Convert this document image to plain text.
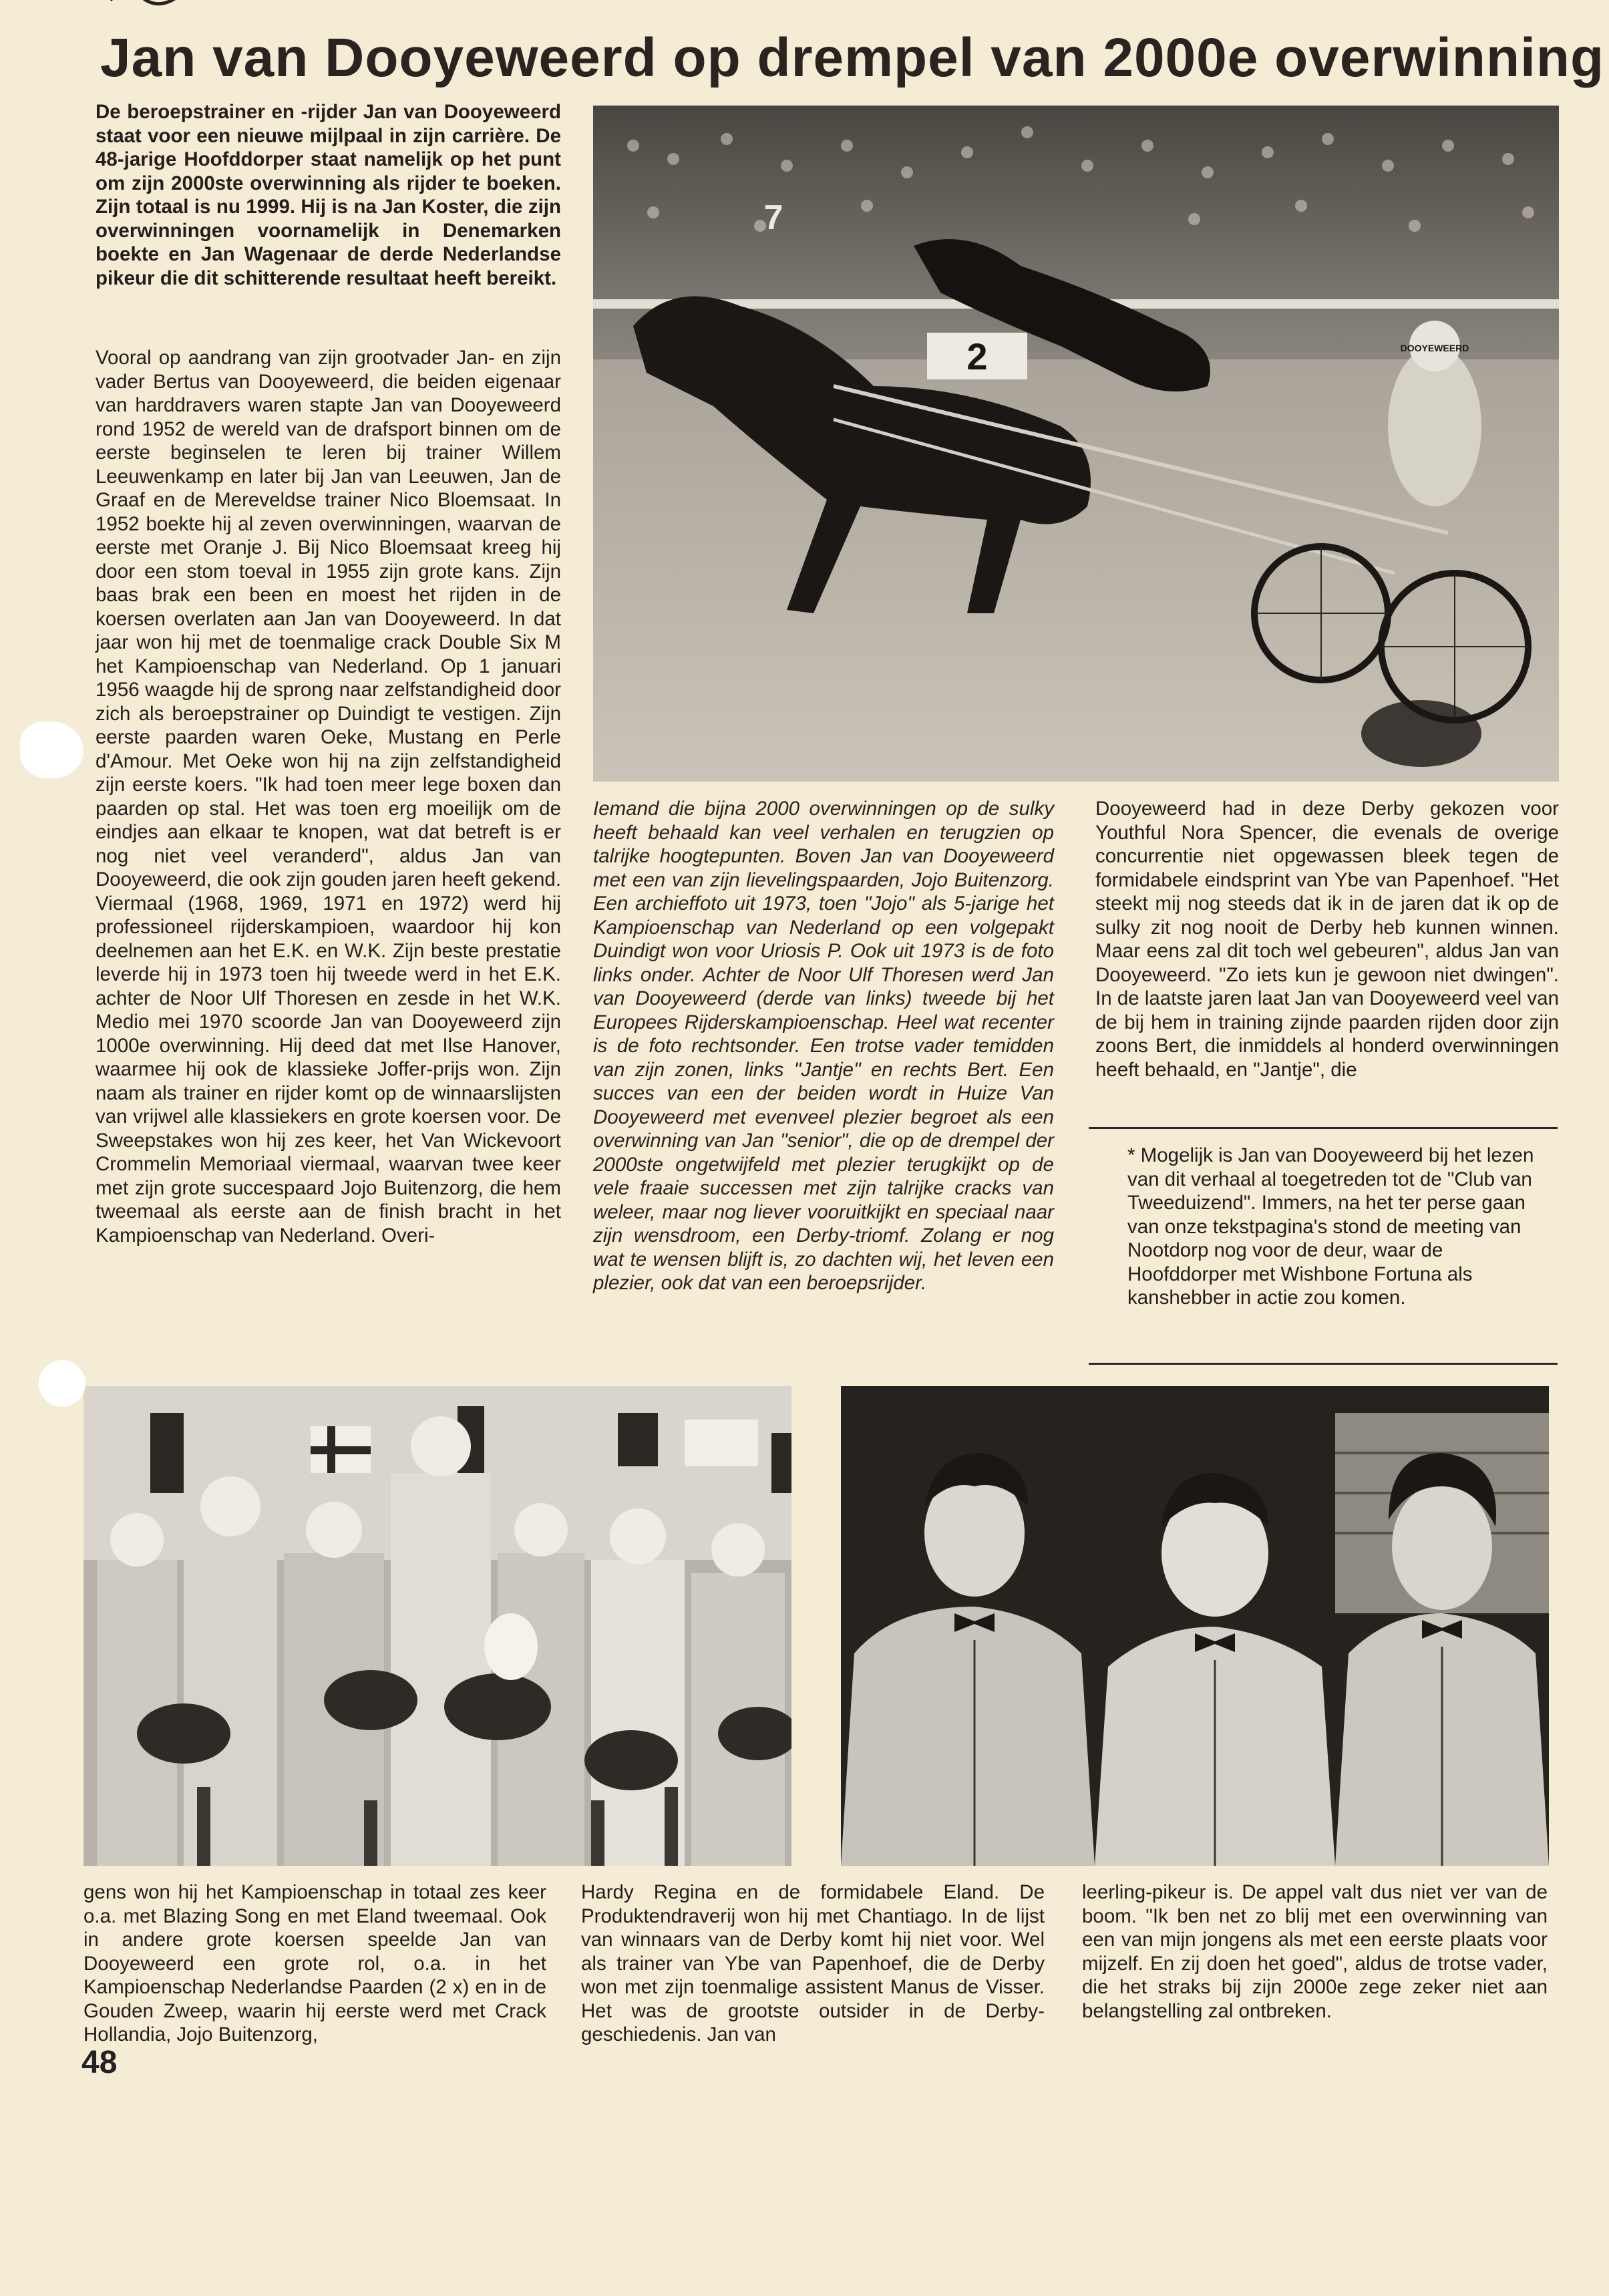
Jan van Dooyeweerd op drempel van 2000e overwinning

De beroepstrainer en -rijder Jan van Dooyeweerd staat voor een nieuwe mijlpaal in zijn carrière. De 48-jarige Hoofddorper staat namelijk op het punt om zijn 2000ste overwinning als rijder te boeken. Zijn totaal is nu 1999. Hij is na Jan Koster, die zijn overwinningen voornamelijk in Denemarken boekte en Jan Wagenaar de derde Nederlandse pikeur die dit schitterende resultaat heeft bereikt.

Vooral op aandrang van zijn grootvader Jan- en zijn vader Bertus van Dooyeweerd, die beiden eigenaar van harddravers waren stapte Jan van Dooyeweerd rond 1952 de wereld van de drafsport binnen om de eerste beginselen te leren bij trainer Willem Leeuwenkamp en later bij Jan van Leeuwen, Jan de Graaf en de Mereveldse trainer Nico Bloemsaat. In 1952 boekte hij al zeven overwinningen, waarvan de eerste met Oranje J. Bij Nico Bloemsaat kreeg hij door een stom toeval in 1955 zijn grote kans. Zijn baas brak een been en moest het rijden in de koersen overlaten aan Jan van Dooyeweerd. In dat jaar won hij met de toenmalige crack Double Six M het Kampioenschap van Nederland. Op 1 januari 1956 waagde hij de sprong naar zelfstandigheid door zich als beroepstrainer op Duindigt te vestigen. Zijn eerste paarden waren Oeke, Mustang en Perle d'Amour. Met Oeke won hij na zijn zelfstandigheid zijn eerste koers. "Ik had toen meer lege boxen dan paarden op stal. Het was toen erg moeilijk om de eindjes aan elkaar te knopen, wat dat betreft is er nog niet veel veranderd", aldus Jan van Dooyeweerd, die ook zijn gouden jaren heeft gekend. Viermaal (1968, 1969, 1971 en 1972) werd hij professioneel rijderskampioen, waardoor hij kon deelnemen aan het E.K. en W.K. Zijn beste prestatie leverde hij in 1973 toen hij tweede werd in het E.K. achter de Noor Ulf Thoresen en zesde in het W.K. Medio mei 1970 scoorde Jan van Dooyeweerd zijn 1000e overwinning. Hij deed dat met Ilse Hanover, waarmee hij ook de klassieke Joffer-prijs won. Zijn naam als trainer en rijder komt op de winnaarslijsten van vrijwel alle klassiekers en grote koersen voor. De Sweepstakes won hij zes keer, het Van Wickevoort Crommelin Memoriaal viermaal, waarvan twee keer met zijn grote succespaard Jojo Buitenzorg, die hem tweemaal als eerste aan de finish bracht in het Kampioenschap van Nederland. Overi-

2
7
DOOYEWEERD

Iemand die bijna 2000 overwinningen op de sulky heeft behaald kan veel verhalen en terugzien op talrijke hoogtepunten. Boven Jan van Dooyeweerd met een van zijn lievelingspaarden, Jojo Buitenzorg. Een archieffoto uit 1973, toen "Jojo" als 5-jarige het Kampioenschap van Nederland op een volgepakt Duindigt won voor Uriosis P. Ook uit 1973 is de foto links onder. Achter de Noor Ulf Thoresen werd Jan van Dooyeweerd (derde van links) tweede bij het Europees Rijderskampioenschap. Heel wat recenter is de foto rechtsonder. Een trotse vader temidden van zijn zonen, links "Jantje" en rechts Bert. Een succes van een der beiden wordt in Huize Van Dooyeweerd met evenveel plezier begroet als een overwinning van Jan "senior", die op de drempel der 2000ste ongetwijfeld met plezier terugkijkt op de vele fraaie successen met zijn talrijke cracks van weleer, maar nog liever vooruitkijkt en speciaal naar zijn wensdroom, een Derby-triomf. Zolang er nog wat te wensen blijft is, zo dachten wij, het leven een plezier, ook dat van een beroepsrijder.

Dooyeweerd had in deze Derby gekozen voor Youthful Nora Spencer, die evenals de overige concurrentie niet opgewassen bleek tegen de formidabele eindsprint van Ybe van Papenhoef. "Het steekt mij nog steeds dat ik in de jaren dat ik op de sulky zit nog nooit de Derby heb kunnen winnen. Maar eens zal dit toch wel gebeuren", aldus Jan van Dooyeweerd. "Zo iets kun je gewoon niet dwingen". In de laatste jaren laat Jan van Dooyeweerd veel van de bij hem in training zijnde paarden rijden door zijn zoons Bert, die inmiddels al honderd overwinningen heeft behaald, en "Jantje", die

* Mogelijk is Jan van Dooyeweerd bij het lezen van dit verhaal al toegetreden tot de "Club van Tweeduizend". Immers, na het ter perse gaan van onze tekstpagina's stond de meeting van Nootdorp nog voor de deur, waar de Hoofddorper met Wishbone Fortuna als kanshebber in actie zou komen.

gens won hij het Kampioenschap in totaal zes keer o.a. met Blazing Song en met Eland tweemaal. Ook in andere grote koersen speelde Jan van Dooyeweerd een grote rol, o.a. in het Kampioenschap Nederlandse Paarden (2 x) en in de Gouden Zweep, waarin hij eerste werd met Crack Hollandia, Jojo Buitenzorg,

Hardy Regina en de formidabele Eland. De Produktendraverij won hij met Chantiago. In de lijst van winnaars van de Derby komt hij niet voor. Wel als trainer van Ybe van Papenhoef, die de Derby won met zijn toenmalige assistent Manus de Visser. Het was de grootste outsider in de Derby-geschiedenis. Jan van

leerling-pikeur is. De appel valt dus niet ver van de boom. "Ik ben net zo blij met een overwinning van een van mijn jongens als met een eerste plaats voor mijzelf. En zij doen het goed", aldus de trotse vader, die het straks bij zijn 2000e zege zeker niet aan belangstelling zal ontbreken.

48
